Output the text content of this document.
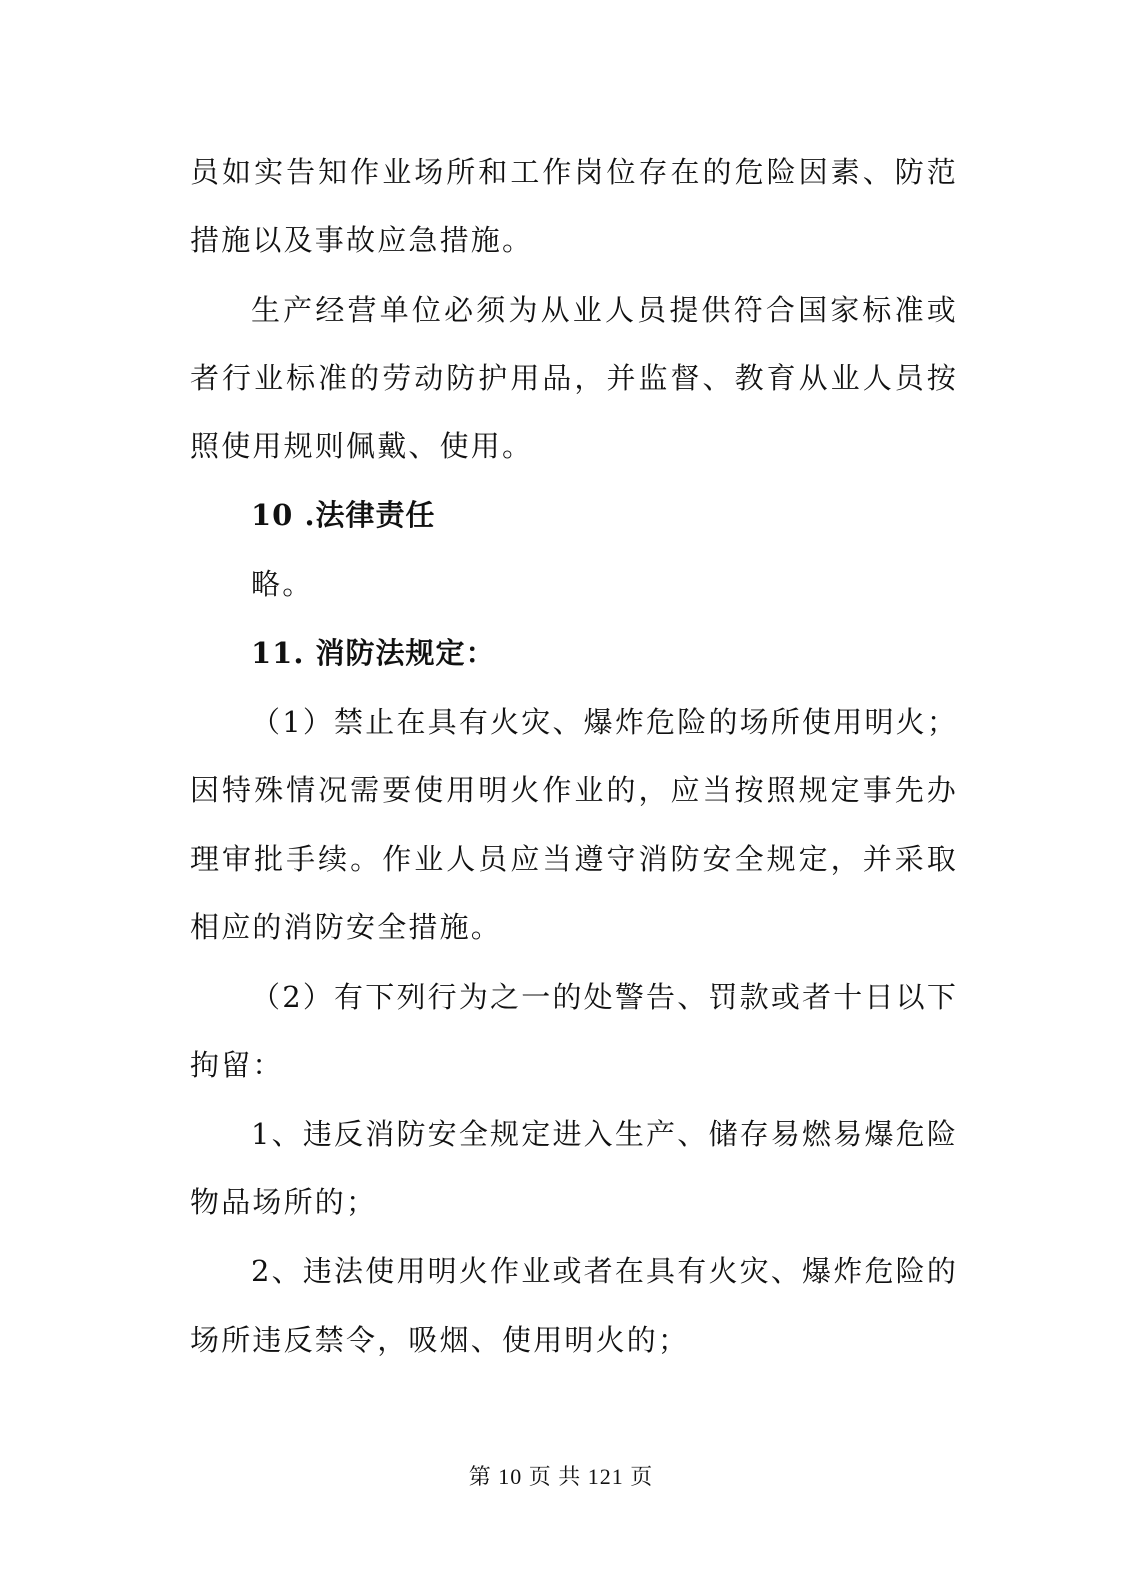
员如实告知作业场所和工作岗位存在的危险因素、防范
措施以及事故应急措施。
生产经营单位必须为从业人员提供符合国家标准或
者行业标准的劳动防护用品，并监督、教育从业人员按
照使用规则佩戴、使用。
10 .法律责任
略。
11. 消防法规定：
（1）禁止在具有火灾、爆炸危险的场所使用明火；
因特殊情况需要使用明火作业的，应当按照规定事先办
理审批手续。作业人员应当遵守消防安全规定，并采取
相应的消防安全措施。
（2）有下列行为之一的处警告、罚款或者十日以下
拘留：
1、违反消防安全规定进入生产、储存易燃易爆危险
物品场所的；
2、违法使用明火作业或者在具有火灾、爆炸危险的
场所违反禁令，吸烟、使用明火的；
第 10 页 共 121 页
